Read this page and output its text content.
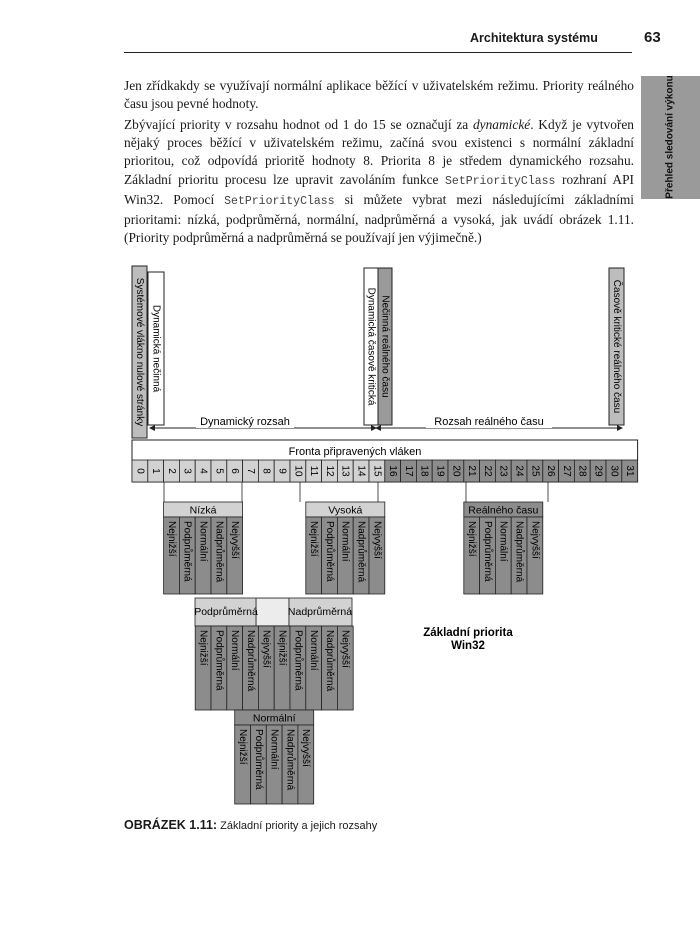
Architektura systému	63
Přehled sledování výkonu

Jen zřídkakdy se využívají normální aplikace běžící v uživatelském režimu. Priority reálného času jsou pevné hodnoty.

Zbývající priority v rozsahu hodnot od 1 do 15 se označují za dynamické. Když je vytvořen nějaký proces běžící v uživatelském režimu, začíná svou existenci s normální základní prioritou, což odpovídá prioritě hodnoty 8. Priorita 8 je středem dynamického rozsahu. Základní prioritu procesu lze upravit zavoláním funkce SetPriorityClass rozhraní API Win32. Pomocí SetPriorityClass si můžete vybrat mezi následujícími základními prioritami: nízká, podprůměrná, normální, nadprůměrná a vysoká, jak uvádí obrázek 1.11. (Priority podprůměrná a nadprůměrná se používají jen výjimečně.)

Systémové vlákno nulové stránky Dynamická nečinná	Dynamická časově kritická Nečinná reálného času	Časově kritické reálného času
Dynamický rozsah	Rozsah reálného času
0 1 2 3 4 5 6 7 8 9 10 11 12 13 14 15 16 17 18 19 20 21 22 23 24 25 26 27 28 29 30 31
Fronta připravených vláken
Nízká
Nejnižší Podprůměrná Normální Nadprůměrná Nejvyšší
Vysoká
Nejnižší Podprůměrná Normální Nadprůměrná Nejvyšší
Reálného času
Nejnižší Podprůměrná Normální Nadprůměrná Nejvyšší
Podprůměrná	Nadprůměrná
Nejnižší Podprůměrná Normální Nadprůměrná Nejvyšší Nejnižší Podprůměrná Normální Nadprůměrná Nejvyšší
Normální
Nejnižší Podprůměrná Normální Nadprůměrná Nejvyšší
Základní priorita
Win32
OBRÁZEK 1.11: Základní priority a jejich rozsahy
